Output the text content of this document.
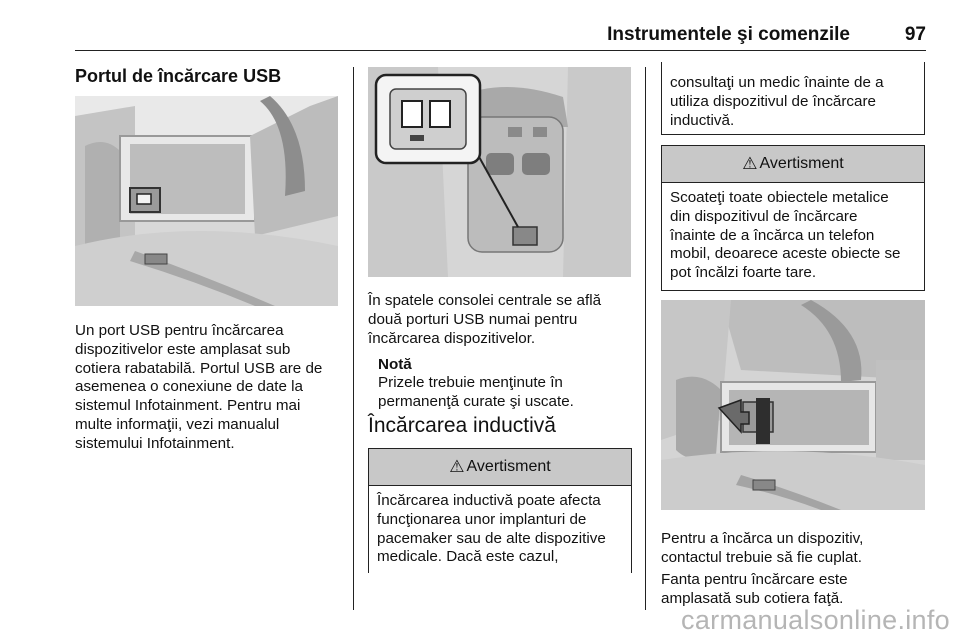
Instrumentele şi comenzile	97
Portul de încărcare USB

Un port USB pentru încărcarea
dispozitivelor este amplasat sub
cotiera rabatabilă. Portul USB are de
asemenea o conexiune de date la
sistemul Infotainment. Pentru mai
multe informaţii, vezi manualul
sistemului Infotainment.

În spatele consolei centrale se află
două porturi USB numai pentru
încărcarea dispozitivelor.

Notă

Prizele trebuie menţinute în
permanenţă curate şi uscate.

Încărcarea inductivă
⚠ Avertisment
Încărcarea inductivă poate afecta
funcţionarea unor implanturi de
pacemaker sau de alte dispozitive
medicale. Dacă este cazul,
consultaţi un medic înainte de a
utiliza dispozitivul de încărcare
inductivă.
⚠ Avertisment
Scoateţi toate obiectele metalice
din dispozitivul de încărcare
înainte de a încărca un telefon
mobil, deoarece aceste obiecte se
pot încălzi foarte tare.

Pentru a încărca un dispozitiv,
contactul trebuie să fie cuplat.

Fanta pentru încărcare este
amplasată sub cotiera faţă.

carmanualsonline.info
